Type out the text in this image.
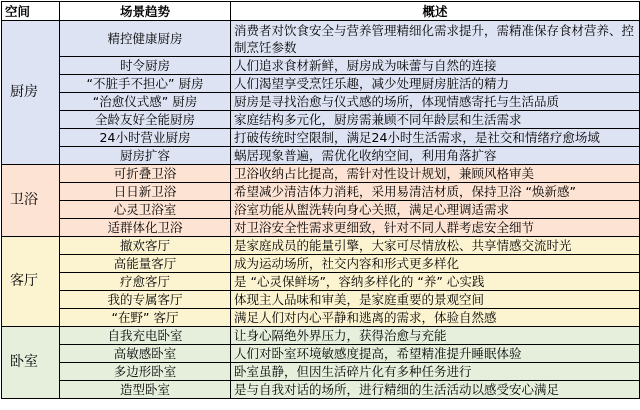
空间	场景趋势	概述
厨房	精控健康厨房	消费者对饮食安全与营养管理精细化需求提升，需精准保存食材营养、控制烹饪参数
	时令厨房	人们追求食材新鲜，厨房成为味蕾与自然的连接
	“不脏手不担心” 厨房	人们渴望享受烹饪乐趣，减少处理厨房脏活的精力
	“治愈仪式感” 厨房	厨房是寻找治愈与仪式感的场所，体现情感寄托与生活品质
	全龄友好全能厨房	家庭结构多元化，厨房需兼顾不同年龄层和生活需求
	24小时营业厨房	打破传统时空限制，满足24小时生活需求，是社交和情绪疗愈场域
	厨房扩容	蜗居现象普遍，需优化收纳空间，利用角落扩容
卫浴	可折叠卫浴	卫浴收纳占比提高，需针对性设计规划，兼顾风格审美
	日日新卫浴	希望减少清洁体力消耗，采用易清洁材质，保持卫浴 “焕新感”
	心灵卫浴室	浴室功能从盥洗转向身心关照，满足心理调适需求
	适群体化卫浴	对卫浴安全性需求更细致，针对不同人群考虑安全细节
客厅	撤欢客厅	是家庭成员的能量引擎，大家可尽情放松、共享情感交流时光
	高能量客厅	成为运动场所，社交内容和形式更多样化
	疗愈客厅	是 “心灵保鲜场”，容纳多样化的 “养” 心实践
	我的专属客厅	体现主人品味和审美，是家庭重要的景观空间
	“在野” 客厅	满足人们对内心平静和逃离的需求，体验自然感
卧室	自我充电卧室	让身心隔绝外界压力，获得治愈与充能
	高敏感卧室	人们对卧室环境敏感度提高，希望精准提升睡眠体验
	多边形卧室	卧室虽静，但因生活碎片化有多种任务进行
	造型卧室	是与自我对话的场所，进行精细的生活活动以感受安心满足
